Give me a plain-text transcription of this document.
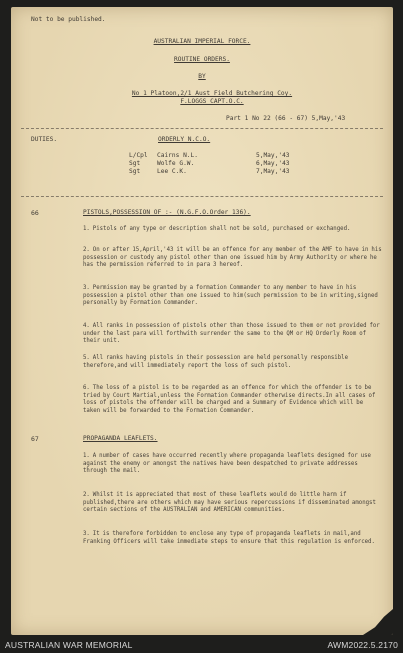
Not to be published.
AUSTRALIAN IMPERIAL FORCE.
ROUTINE ORDERS.
BY
No 1 Platoon,2/1 Aust Field Butchering Coy.
F.LOGGS CAPT.O.C.
Part 1 No 22 (66 - 67) 5,May,'43
DUTIES.	ORDERLY N.C.O.
L/Cpl Cairns N.L.	5,May,'43
Sgt	Wolfe G.W.	6,May,'43
Sgt	Lee C.K.	7,May,'43
66	PISTOLS,POSSESSION OF :- (N.G.F.O.Order 136).

1. Pistols of any type or description shall not be sold, purchased or exchanged.

2. On or after 15,April,'43 it will be an offence for any member of the AMF to have in his possession or custody any pistol other than one issued him by Army Authority or where he has the permission referred to in para 3 hereof.

3. Permission may be granted by a formation Commander to any member to have in his possession a pistol other than one issued to him(such permission to be in writing,signed personally by Formation Commander.

4. All ranks in possession of pistols other than those issued to them or not provided for under the last para will forthwith surrender the same to the QM or HQ Orderly Room of their unit.

5. All ranks having pistols in their possession are held personally responsible therefore,and will immediately report the loss of such pistol.

6. The loss of a pistol is to be regarded as an offence for which the offender is to be tried by Court Martial,unless the Formation Commander otherwise directs.In all cases of loss of pistols the offender will be charged and a Summary of Evidence which will be taken will be forwarded to the Formation Commander.

67	PROPAGANDA LEAFLETS.

1. A number of cases have occurred recently where propaganda leaflets designed for use against the enemy or amongst the natives have been despatched to private addresses through the mail.

2. Whilst it is appreciated that most of these leaflets would do little harm if published,there are others which may have serious repercussions if disseminated amongst certain sections of the AUSTRALIAN and AMERICAN communities.

3. It is therefore forbidden to enclose any type of propaganda leaflets in mail,and Franking Officers will take immediate steps to ensure that this regulation is enforced.

AUSTRALIAN WAR MEMORIAL	AWM2022.5.2170
